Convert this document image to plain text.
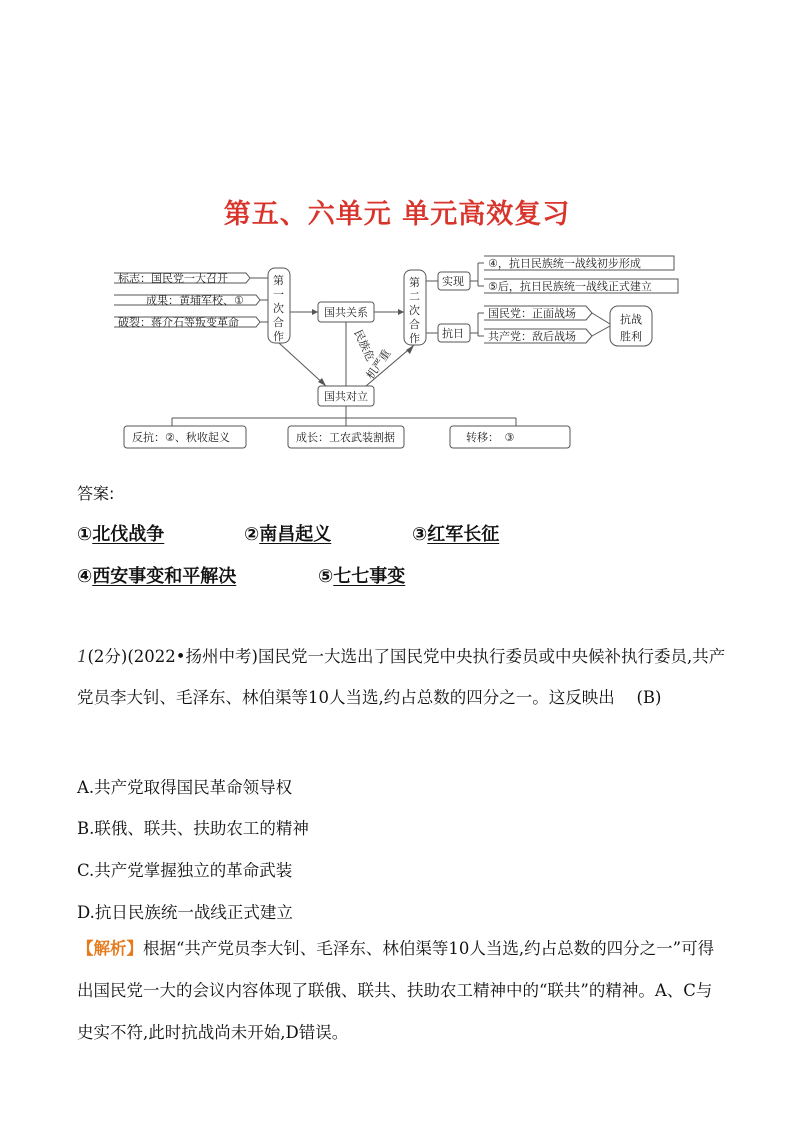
第五、六单元 单元高效复习
标志：国民党一大召开
成果：黄埔军校、①
破裂：蒋介石等叛变革命
第
一
次
合
作
第
二
次
合
作
国共关系
国共对立
民族危
机严重
实现
④，抗日民族统一战线初步形成
⑤后，抗日民族统一战线正式建立
抗日
国民党：正面战场
共产党：敌后战场
抗战
胜利
反抗：②、秋收起义	成长：工农武装割据	转移：　③
答案:
①北伐战争	②南昌起义	③红军长征
④西安事变和平解决	⑤七七事变
1(2分)(2022•扬州中考)国民党一大选出了国民党中央执行委员或中央候补执行委员,共产党员李大钊、毛泽东、林伯渠等10人当选,约占总数的四分之一。这反映出　 (B)
A.共产党取得国民革命领导权
B.联俄、联共、扶助农工的精神
C.共产党掌握独立的革命武装
D.抗日民族统一战线正式建立
【解析】根据“共产党员李大钊、毛泽东、林伯渠等10人当选,约占总数的四分之一”可得出国民党一大的会议内容体现了联俄、联共、扶助农工精神中的“联共”的精神。A、C与史实不符,此时抗战尚未开始,D错误。
